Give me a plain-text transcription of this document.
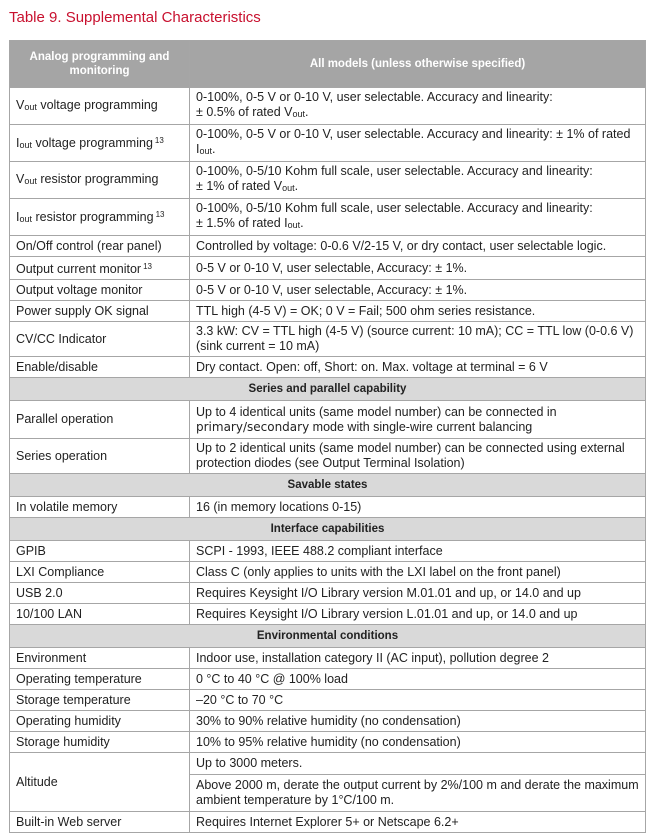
Table 9. Supplemental Characteristics
Analog programming and monitoring	All models (unless otherwise specified)
$V_{out}$ voltage programming	0-100%, 0-5 V or 0-10 V, user selectable. Accuracy and linearity:
± 0.5% of rated $V_{out}$.
$I_{out}$ voltage programming $^{13}$	0-100%, 0-5 V or 0-10 V, user selectable. Accuracy and linearity: ± 1% of rated $I_{out}$.
$V_{out}$ resistor programming	0-100%, 0-5/10 Kohm full scale, user selectable. Accuracy and linearity:
± 1% of rated $V_{out}$.
$I_{out}$ resistor programming $^{13}$	0-100%, 0-5/10 Kohm full scale, user selectable. Accuracy and linearity:
± 1.5% of rated $I_{out}$.
On/Off control (rear panel)	Controlled by voltage: 0-0.6 V/2-15 V, or dry contact, user selectable logic.
Output current monitor $^{13}$	0-5 V or 0-10 V, user selectable, Accuracy: ± 1%.
Output voltage monitor	0-5 V or 0-10 V, user selectable, Accuracy: ± 1%.
Power supply OK signal	TTL high (4-5 V) = OK; 0 V = Fail; 500 ohm series resistance.
CV/CC Indicator	3.3 kW: CV = TTL high (4-5 V) (source current: 10 mA); CC = TTL low (0-0.6 V) (sink current = 10 mA)
Enable/disable	Dry contact. Open: off, Short: on. Max. voltage at terminal = 6 V
Series and parallel capability	
Parallel operation	Up to 4 identical units (same model number) can be connected in
primary/secondary mode with single-wire current balancing
Series operation	Up to 2 identical units (same model number) can be connected using external protection diodes (see Output Terminal Isolation)
Savable states	
In volatile memory	16 (in memory locations 0-15)
Interface capabilities	
GPIB	SCPI - 1993, IEEE 488.2 compliant interface
LXI Compliance	Class C (only applies to units with the LXI label on the front panel)
USB 2.0	Requires Keysight I/O Library version M.01.01 and up, or 14.0 and up
10/100 LAN	Requires Keysight I/O Library version L.01.01 and up, or 14.0 and up
Environmental conditions	
Environment	Indoor use, installation category II (AC input), pollution degree 2
Operating temperature	0 °C to 40 °C @ 100% load
Storage temperature	–20 °C to 70 °C
Operating humidity	30% to 90% relative humidity (no condensation)
Storage humidity	10% to 95% relative humidity (no condensation)
Altitude	Up to 3000 meters.
Above 2000 m, derate the output current by 2%/100 m and derate the maximum ambient temperature by 1°C/100 m.

Built-in Web server	Requires Internet Explorer 5+ or Netscape 6.2+
